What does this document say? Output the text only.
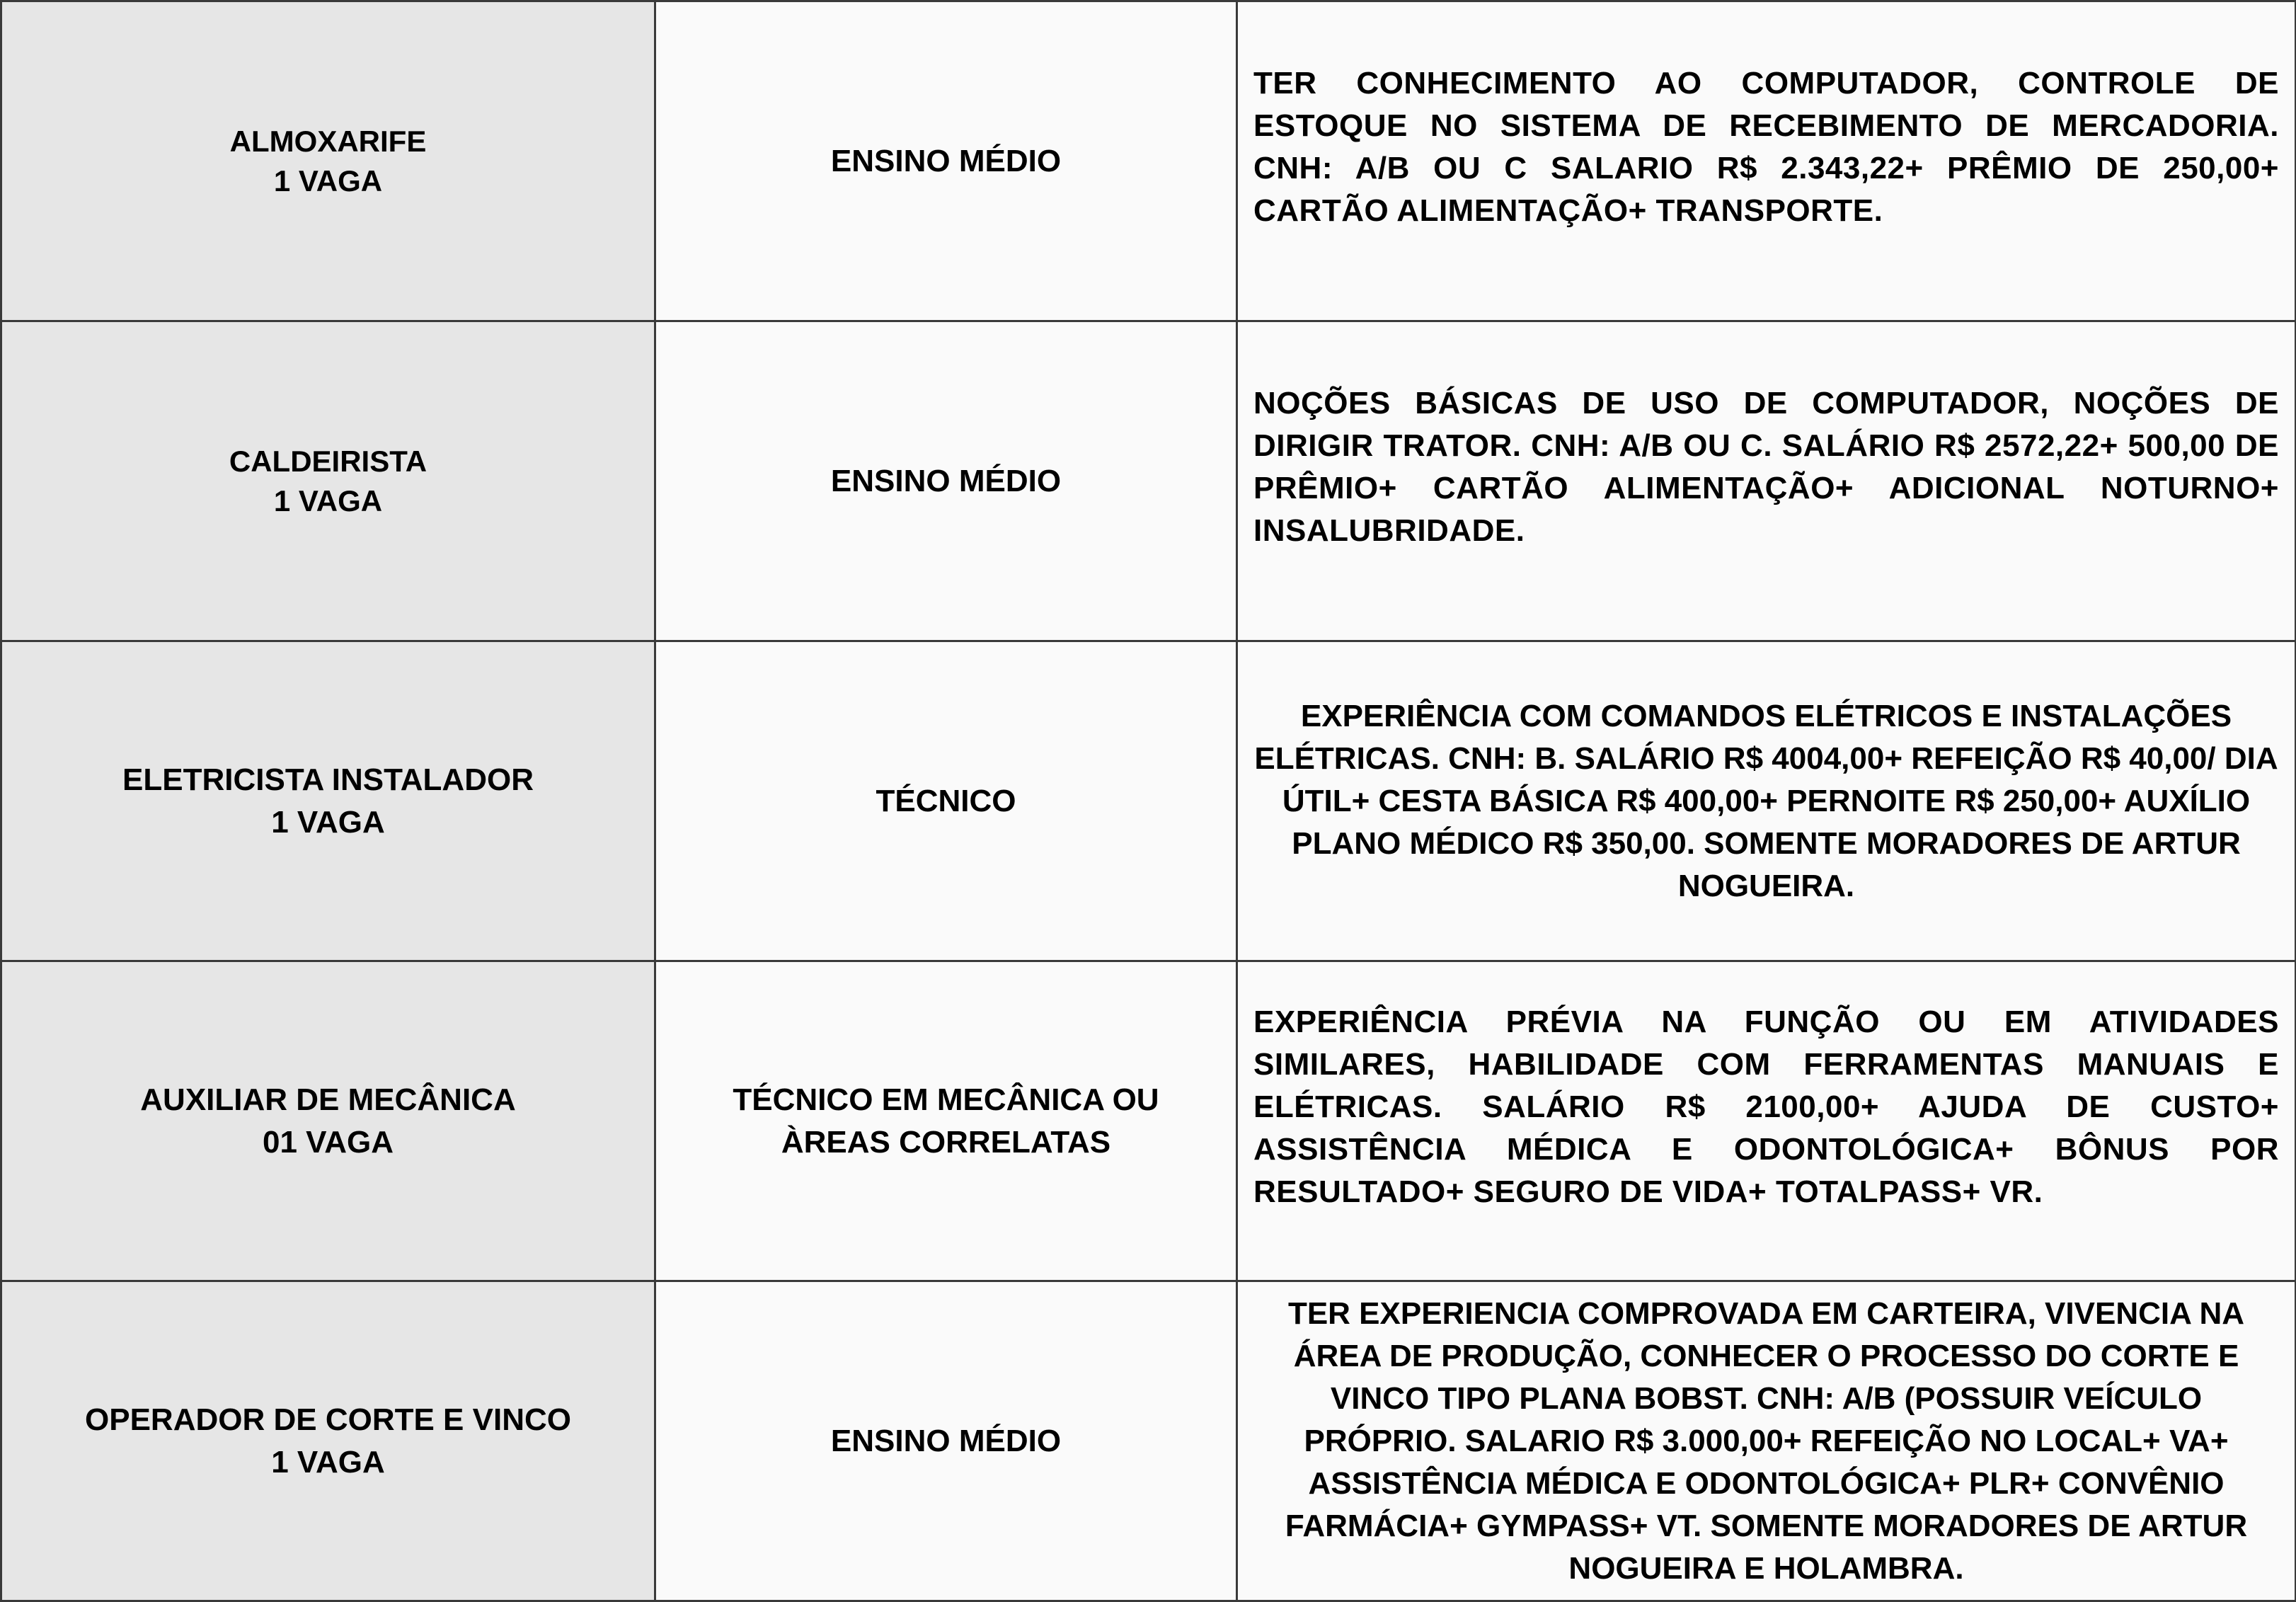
ALMOXARIFE
1 VAGA	ENSINO MÉDIO	TER CONHECIMENTO AO COMPUTADOR, CONTROLE DE ESTOQUE NO SISTEMA DE RECEBIMENTO DE MERCADORIA. CNH: A/B OU C SALARIO R$ 2.343,22+ PRÊMIO DE 250,00+ CARTÃO ALIMENTAÇÃO+ TRANSPORTE.

CALDEIRISTA
1 VAGA	ENSINO MÉDIO	NOÇÕES BÁSICAS DE USO DE COMPUTADOR, NOÇÕES DE DIRIGIR TRATOR. CNH: A/B OU C. SALÁRIO R$ 2572,22+ 500,00 DE PRÊMIO+ CARTÃO ALIMENTAÇÃO+ ADICIONAL NOTURNO+ INSALUBRIDADE.

ELETRICISTA INSTALADOR
1 VAGA	TÉCNICO	EXPERIÊNCIA COM COMANDOS ELÉTRICOS E INSTALAÇÕES ELÉTRICAS. CNH: B. SALÁRIO R$ 4004,00+ REFEIÇÃO R$ 40,00/ DIA ÚTIL+ CESTA BÁSICA R$ 400,00+ PERNOITE R$ 250,00+ AUXÍLIO PLANO MÉDICO R$ 350,00. SOMENTE MORADORES DE ARTUR NOGUEIRA.

AUXILIAR DE MECÂNICA
01 VAGA	TÉCNICO EM MECÂNICA OU ÀREAS CORRELATAS	EXPERIÊNCIA PRÉVIA NA FUNÇÃO OU EM ATIVIDADES SIMILARES, HABILIDADE COM FERRAMENTAS MANUAIS E ELÉTRICAS. SALÁRIO R$ 2100,00+ AJUDA DE CUSTO+ ASSISTÊNCIA MÉDICA E ODONTOLÓGICA+ BÔNUS POR RESULTADO+ SEGURO DE VIDA+ TOTALPASS+ VR.

OPERADOR DE CORTE E VINCO
1 VAGA	ENSINO MÉDIO	TER EXPERIENCIA COMPROVADA EM CARTEIRA, VIVENCIA NA ÁREA DE PRODUÇÃO, CONHECER O PROCESSO DO CORTE E VINCO TIPO PLANA BOBST. CNH: A/B (POSSUIR VEÍCULO PRÓPRIO. SALARIO R$ 3.000,00+ REFEIÇÃO NO LOCAL+ VA+ ASSISTÊNCIA MÉDICA E ODONTOLÓGICA+ PLR+ CONVÊNIO FARMÁCIA+ GYMPASS+ VT. SOMENTE MORADORES DE ARTUR NOGUEIRA E HOLAMBRA.
